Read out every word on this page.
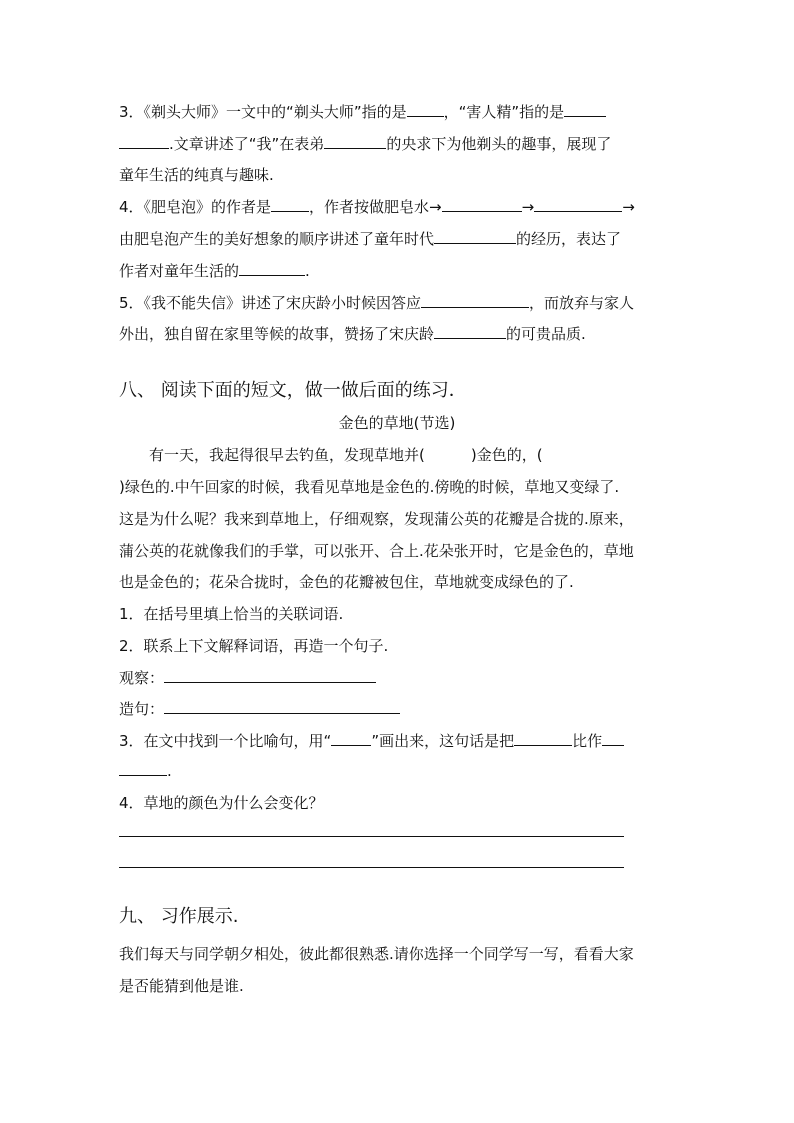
3．《剃头大师》一文中的“剃头大师”指的是 ，“害人精”指的是
.文章讲述了“我”在表弟	的央求下为他剃头的趣事，展现了
童年生活的纯真与趣味.
4．《肥皂泡》的作者是	，作者按做肥皂水→	→	→
由肥皂泡产生的美好想象的顺序讲述了童年时代	的经历，表达了
作者对童年生活的	.
5．《我不能失信》讲述了宋庆龄小时候因答应	，而放弃与家人
外出，独自留在家里等候的故事，赞扬了宋庆龄	的可贵品质.
八、 阅读下面的短文，做一做后面的练习．
金色的草地(节选)
有一天，我起得很早去钓鱼，发现草地并(	)金色的，(
)绿色的.中午回家的时候，我看见草地是金色的.傍晚的时候，草地又变绿了.
这是为什么呢？我来到草地上，仔细观察，发现蒲公英的花瓣是合拢的.原来，
蒲公英的花就像我们的手掌，可以张开、合上.花朵张开时，它是金色的，草地
也是金色的；花朵合拢时，金色的花瓣被包住，草地就变成绿色的了.
1．在括号里填上恰当的关联词语.
2．联系上下文解释词语，再造一个句子.
观察：
造句：
3．在文中找到一个比喻句，用“	”画出来，这句话是把	比作
.
4．草地的颜色为什么会变化？
九、 习作展示.
我们每天与同学朝夕相处，彼此都很熟悉.请你选择一个同学写一写，看看大家
是否能猜到他是谁.
